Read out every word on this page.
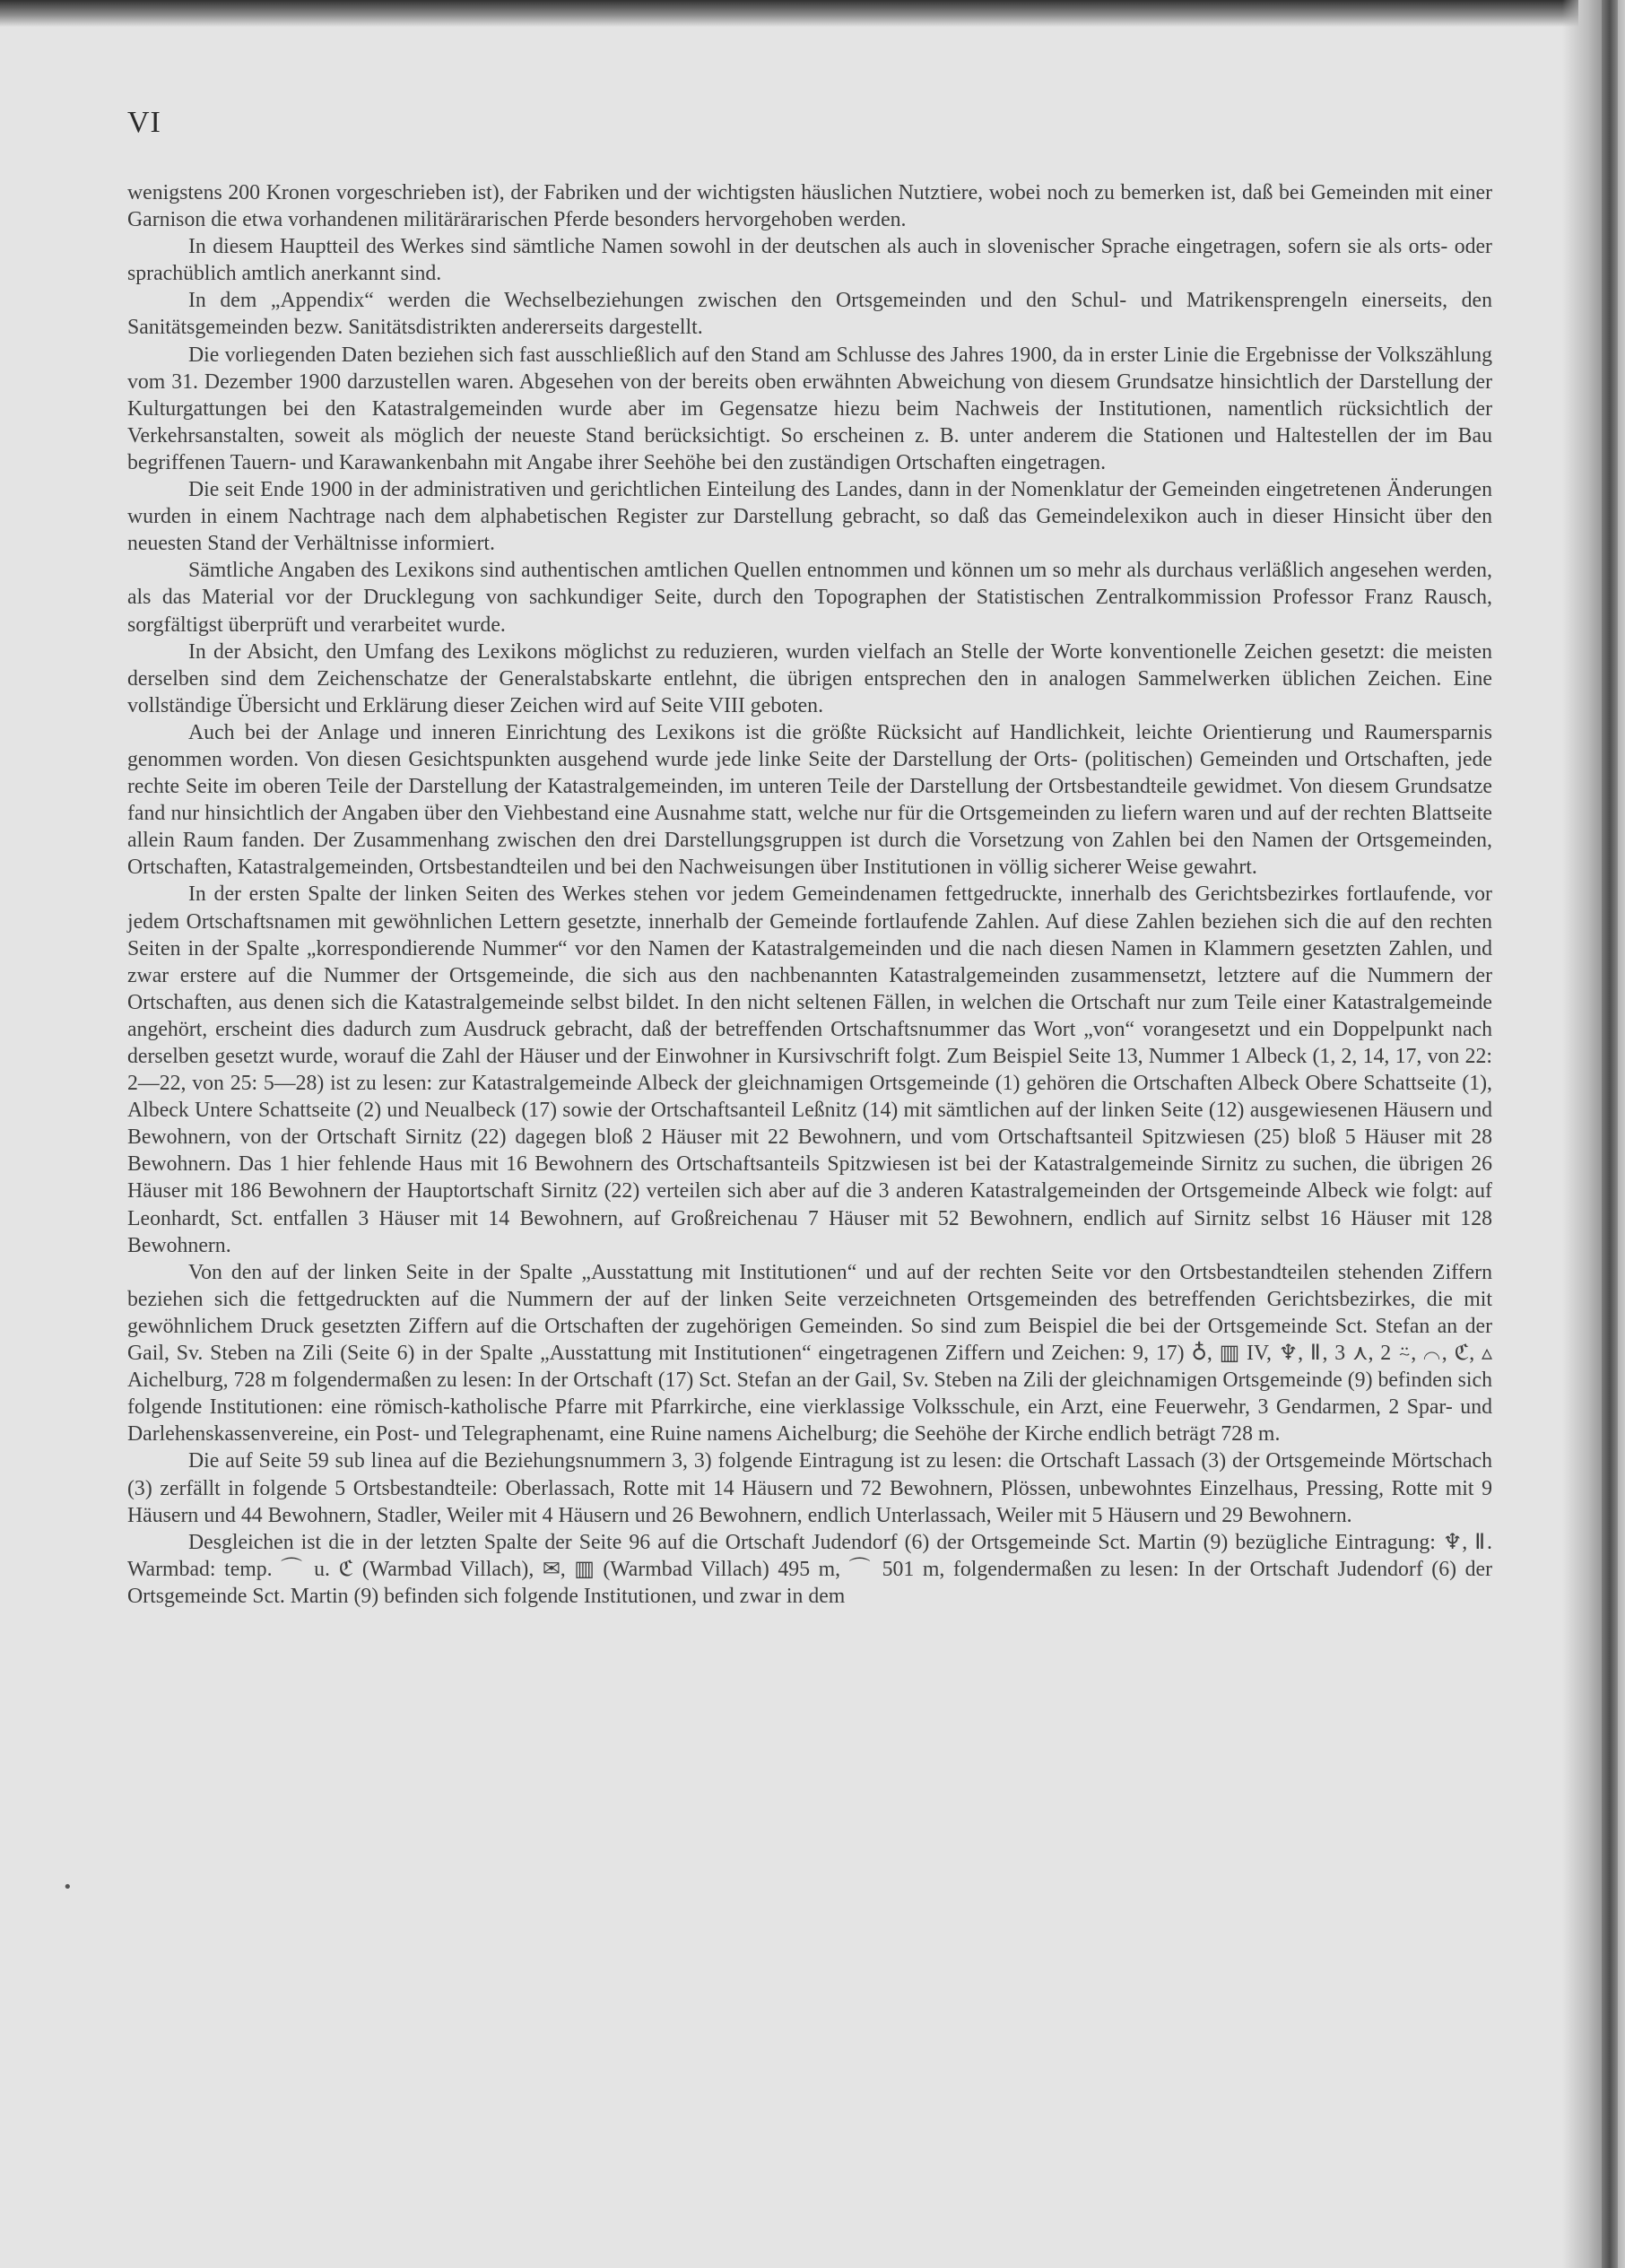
VI
•

wenigstens 200 Kronen vorgeschrieben ist), der Fabriken und der wichtigsten häuslichen Nutztiere, wobei noch zu bemerken ist, daß bei Gemeinden mit einer Garnison die etwa vorhandenen militärärarischen Pferde besonders hervorgehoben werden.

In diesem Hauptteil des Werkes sind sämtliche Namen sowohl in der deutschen als auch in slovenischer Sprache eingetragen, sofern sie als orts- oder sprachüblich amtlich anerkannt sind.

In dem „Appendix“ werden die Wechselbeziehungen zwischen den Ortsgemeinden und den Schul- und Matrikensprengeln einerseits, den Sanitätsgemeinden bezw. Sanitätsdistrikten andererseits dargestellt.

Die vorliegenden Daten beziehen sich fast ausschließlich auf den Stand am Schlusse des Jahres 1900, da in erster Linie die Ergebnisse der Volkszählung vom 31. Dezember 1900 darzustellen waren. Abgesehen von der bereits oben erwähnten Abweichung von diesem Grundsatze hinsichtlich der Darstellung der Kulturgattungen bei den Katastralgemeinden wurde aber im Gegensatze hiezu beim Nachweis der Institutionen, namentlich rücksichtlich der Verkehrsanstalten, soweit als möglich der neueste Stand berücksichtigt. So erscheinen z. B. unter anderem die Stationen und Haltestellen der im Bau begriffenen Tauern- und Karawankenbahn mit Angabe ihrer Seehöhe bei den zuständigen Ortschaften eingetragen.

Die seit Ende 1900 in der administrativen und gerichtlichen Einteilung des Landes, dann in der Nomenklatur der Gemeinden eingetretenen Änderungen wurden in einem Nachtrage nach dem alphabetischen Register zur Darstellung gebracht, so daß das Gemeindelexikon auch in dieser Hinsicht über den neuesten Stand der Verhältnisse informiert.

Sämtliche Angaben des Lexikons sind authentischen amtlichen Quellen entnommen und können um so mehr als durchaus verläßlich angesehen werden, als das Material vor der Drucklegung von sachkundiger Seite, durch den Topographen der Statistischen Zentralkommission Professor Franz Rausch, sorgfältigst überprüft und verarbeitet wurde.

In der Absicht, den Umfang des Lexikons möglichst zu reduzieren, wurden vielfach an Stelle der Worte konventionelle Zeichen gesetzt: die meisten derselben sind dem Zeichenschatze der Generalstabskarte entlehnt, die übrigen entsprechen den in analogen Sammelwerken üblichen Zeichen. Eine vollständige Übersicht und Erklärung dieser Zeichen wird auf Seite VIII geboten.

Auch bei der Anlage und inneren Einrichtung des Lexikons ist die größte Rücksicht auf Handlichkeit, leichte Orientierung und Raumersparnis genommen worden. Von diesen Gesichtspunkten ausgehend wurde jede linke Seite der Darstellung der Orts- (politischen) Gemeinden und Ortschaften, jede rechte Seite im oberen Teile der Darstellung der Katastralgemeinden, im unteren Teile der Darstellung der Ortsbestandteile gewidmet. Von diesem Grundsatze fand nur hinsichtlich der Angaben über den Viehbestand eine Ausnahme statt, welche nur für die Ortsgemeinden zu liefern waren und auf der rechten Blattseite allein Raum fanden. Der Zusammenhang zwischen den drei Darstellungsgruppen ist durch die Vorsetzung von Zahlen bei den Namen der Ortsgemeinden, Ortschaften, Katastralgemeinden, Ortsbestandteilen und bei den Nachweisungen über Institutionen in völlig sicherer Weise gewahrt.

In der ersten Spalte der linken Seiten des Werkes stehen vor jedem Gemeindenamen fettgedruckte, innerhalb des Gerichtsbezirkes fortlaufende, vor jedem Ortschaftsnamen mit gewöhnlichen Lettern gesetzte, innerhalb der Gemeinde fortlaufende Zahlen. Auf diese Zahlen beziehen sich die auf den rechten Seiten in der Spalte „korrespondierende Nummer“ vor den Namen der Katastralgemeinden und die nach diesen Namen in Klammern gesetzten Zahlen, und zwar erstere auf die Nummer der Ortsgemeinde, die sich aus den nachbenannten Katastralgemeinden zusammensetzt, letztere auf die Nummern der Ortschaften, aus denen sich die Katastralgemeinde selbst bildet. In den nicht seltenen Fällen, in welchen die Ortschaft nur zum Teile einer Katastralgemeinde angehört, erscheint dies dadurch zum Ausdruck gebracht, daß der betreffenden Ortschaftsnummer das Wort „von“ vorangesetzt und ein Doppelpunkt nach derselben gesetzt wurde, worauf die Zahl der Häuser und der Einwohner in Kursivschrift folgt. Zum Beispiel Seite 13, Nummer 1 Albeck (1, 2, 14, 17, von 22: 2—22, von 25: 5—28) ist zu lesen: zur Katastralgemeinde Albeck der gleichnamigen Ortsgemeinde (1) gehören die Ortschaften Albeck Obere Schattseite (1), Albeck Untere Schattseite (2) und Neualbeck (17) sowie der Ortschaftsanteil Leßnitz (14) mit sämtlichen auf der linken Seite (12) ausgewiesenen Häusern und Bewohnern, von der Ortschaft Sirnitz (22) dagegen bloß 2 Häuser mit 22 Bewohnern, und vom Ortschaftsanteil Spitzwiesen (25) bloß 5 Häuser mit 28 Bewohnern. Das 1 hier fehlende Haus mit 16 Bewohnern des Ortschaftsanteils Spitzwiesen ist bei der Katastralgemeinde Sirnitz zu suchen, die übrigen 26 Häuser mit 186 Bewohnern der Hauptortschaft Sirnitz (22) verteilen sich aber auf die 3 anderen Katastralgemeinden der Ortsgemeinde Albeck wie folgt: auf Leonhardt, Sct. entfallen 3 Häuser mit 14 Bewohnern, auf Großreichenau 7 Häuser mit 52 Bewohnern, endlich auf Sirnitz selbst 16 Häuser mit 128 Bewohnern.

Von den auf der linken Seite in der Spalte „Ausstattung mit Institutionen“ und auf der rechten Seite vor den Ortsbestandteilen stehenden Ziffern beziehen sich die fettgedruckten auf die Nummern der auf der linken Seite verzeichneten Ortsgemeinden des betreffenden Gerichtsbezirkes, die mit gewöhnlichem Druck gesetzten Ziffern auf die Ortschaften der zugehörigen Gemeinden. So sind zum Beispiel die bei der Ortsgemeinde Sct. Stefan an der Gail, Sv. Steben na Zili (Seite 6) in der Spalte „Ausstattung mit Institutionen“ eingetragenen Ziffern und Zeichen: 9, 17) ♁, ▥ IV, ♆, Ⅱ, 3 ⋏, 2 ⍨, ⌒, ℭ, ▵ Aichelburg, 728 m folgendermaßen zu lesen: In der Ortschaft (17) Sct. Stefan an der Gail, Sv. Steben na Zili der gleichnamigen Ortsgemeinde (9) befinden sich folgende Institutionen: eine römisch-katholische Pfarre mit Pfarrkirche, eine vierklassige Volksschule, ein Arzt, eine Feuerwehr, 3 Gendarmen, 2 Spar- und Darlehenskassenvereine, ein Post- und Telegraphenamt, eine Ruine namens Aichelburg; die Seehöhe der Kirche endlich beträgt 728 m.

Die auf Seite 59 sub linea auf die Beziehungsnummern 3, 3) folgende Eintragung ist zu lesen: die Ortschaft Lassach (3) der Ortsgemeinde Mörtschach (3) zerfällt in folgende 5 Ortsbestandteile: Oberlassach, Rotte mit 14 Häusern und 72 Bewohnern, Plössen, unbewohntes Einzelhaus, Pressing, Rotte mit 9 Häusern und 44 Bewohnern, Stadler, Weiler mit 4 Häusern und 26 Bewohnern, endlich Unterlassach, Weiler mit 5 Häusern und 29 Bewohnern.

Desgleichen ist die in der letzten Spalte der Seite 96 auf die Ortschaft Judendorf (6) der Ortsgemeinde Sct. Martin (9) bezügliche Eintragung: ♆, Ⅱ. Warmbad: temp. ⌒ u. ℭ (Warmbad Villach), ✉, ▥ (Warmbad Villach) 495 m, ⌒ 501 m, folgendermaßen zu lesen: In der Ortschaft Judendorf (6) der Ortsgemeinde Sct. Martin (9) befinden sich folgende Institutionen, und zwar in dem
